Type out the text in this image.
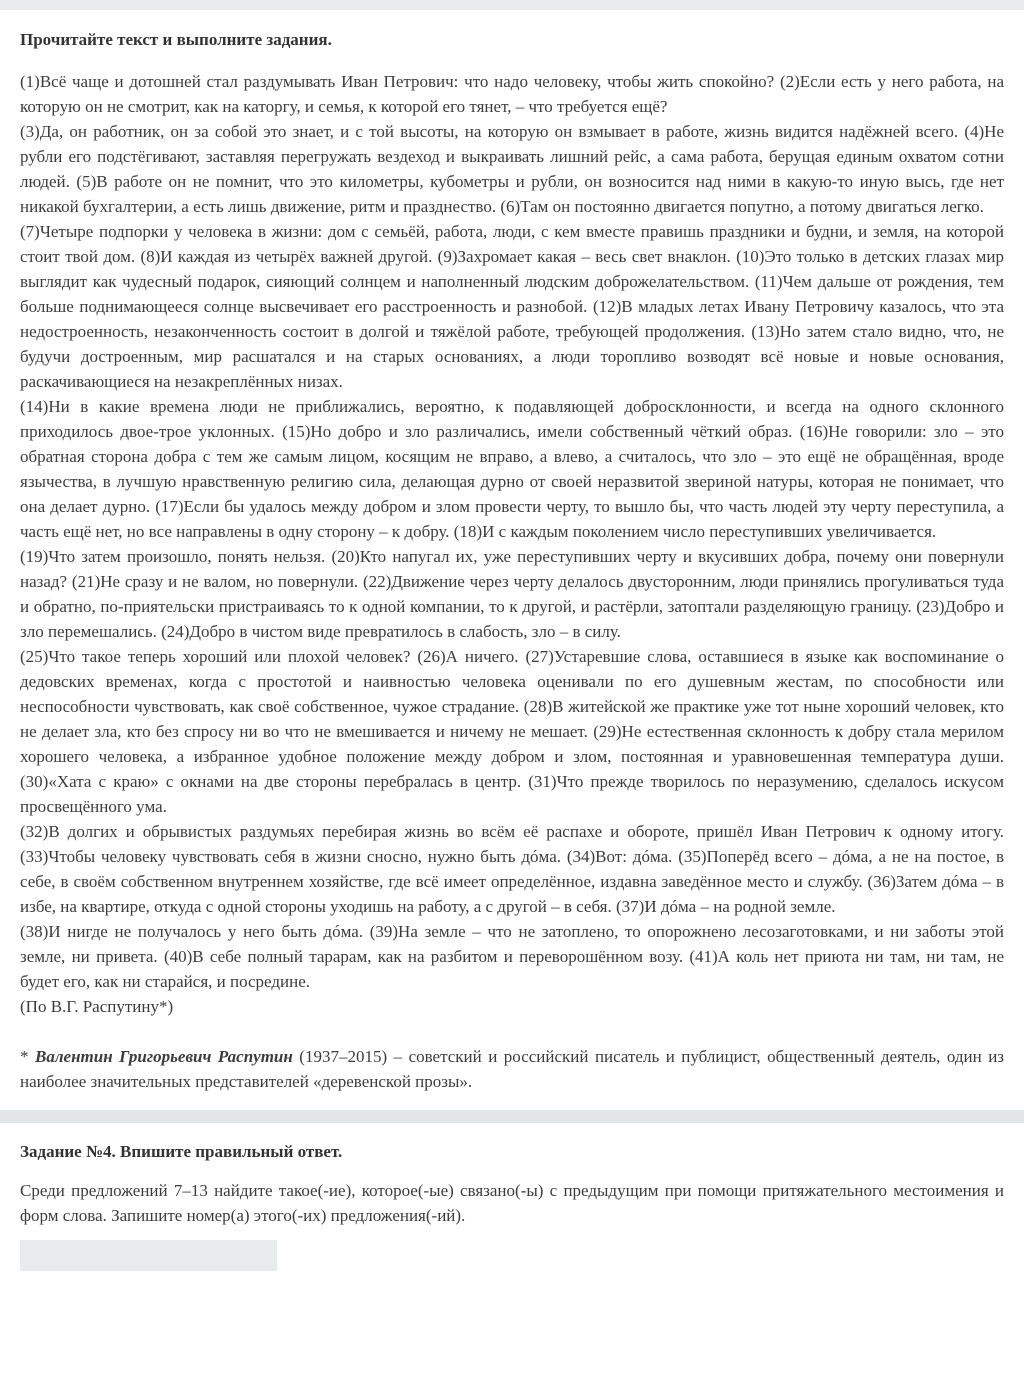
Прочитайте текст и выполните задания.

(1)Всё чаще и дотошней стал раздумывать Иван Петрович: что надо человеку, чтобы жить спокойно? (2)Если есть у него работа, на которую он не смотрит, как на каторгу, и семья, к которой его тянет, – что требуется ещё?

(3)Да, он работник, он за собой это знает, и с той высоты, на которую он взмывает в работе, жизнь видится надёжней всего. (4)Не рубли его подстёгивают, заставляя перегружать вездеход и выкраивать лишний рейс, а сама работа, берущая единым охватом сотни людей. (5)В работе он не помнит, что это километры, кубометры и рубли, он возносится над ними в какую-то иную высь, где нет никакой бухгалтерии, а есть лишь движение, ритм и празднество. (6)Там он постоянно двигается попутно, а потому двигаться легко.

(7)Четыре подпорки у человека в жизни: дом с семьёй, работа, люди, с кем вместе правишь праздники и будни, и земля, на которой стоит твой дом. (8)И каждая из четырёх важней другой. (9)Захромает какая – весь свет внаклон. (10)Это только в детских глазах мир выглядит как чудесный подарок, сияющий солнцем и наполненный людским доброжелательством. (11)Чем дальше от рождения, тем больше поднимающееся солнце высвечивает его расстроенность и разнобой. (12)В младых летах Ивану Петровичу казалось, что эта недостроенность, незаконченность состоит в долгой и тяжёлой работе, требующей продолжения. (13)Но затем стало видно, что, не будучи достроенным, мир расшатался и на старых основаниях, а люди торопливо возводят всё новые и новые основания, раскачивающиеся на незакреплённых низах.

(14)Ни в какие времена люди не приближались, вероятно, к подавляющей добросклонности, и всегда на одного склонного приходилось двое-трое уклонных. (15)Но добро и зло различались, имели собственный чёткий образ. (16)Не говорили: зло – это обратная сторона добра с тем же самым лицом, косящим не вправо, а влево, а считалось, что зло – это ещё не обращённая, вроде язычества, в лучшую нравственную религию сила, делающая дурно от своей неразвитой звериной натуры, которая не понимает, что она делает дурно. (17)Если бы удалось между добром и злом провести черту, то вышло бы, что часть людей эту черту переступила, а часть ещё нет, но все направлены в одну сторону – к добру. (18)И с каждым поколением число переступивших увеличивается.

(19)Что затем произошло, понять нельзя. (20)Кто напугал их, уже переступивших черту и вкусивших добра, почему они повернули назад? (21)Не сразу и не валом, но повернули. (22)Движение через черту делалось двусторонним, люди принялись прогуливаться туда и обратно, по-приятельски пристраиваясь то к одной компании, то к другой, и растёрли, затоптали разделяющую границу. (23)Добро и зло перемешались. (24)Добро в чистом виде превратилось в слабость, зло – в силу.

(25)Что такое теперь хороший или плохой человек? (26)А ничего. (27)Устаревшие слова, оставшиеся в языке как воспоминание о дедовских временах, когда с простотой и наивностью человека оценивали по его душевным жестам, по способности или неспособности чувствовать, как своё собственное, чужое страдание. (28)В житейской же практике уже тот ныне хороший человек, кто не делает зла, кто без спросу ни во что не вмешивается и ничему не мешает. (29)Не естественная склонность к добру стала мерилом хорошего человека, а избранное удобное положение между добром и злом, постоянная и уравновешенная температура души. (30)«Хата с краю» с окнами на две стороны перебралась в центр. (31)Что прежде творилось по неразумению, сделалось искусом просвещённого ума.

(32)В долгих и обрывистых раздумьях перебирая жизнь во всём её распахе и обороте, пришёл Иван Петрович к одному итогу. (33)Чтобы человеку чувствовать себя в жизни сносно, нужно быть дóма. (34)Вот: дóма. (35)Поперёд всего – дóма, а не на постое, в себе, в своём собственном внутреннем хозяйстве, где всё имеет определённое, издавна заведённое место и службу. (36)Затем дóма – в избе, на квартире, откуда с одной стороны уходишь на работу, а с другой – в себя. (37)И дóма – на родной земле.

(38)И нигде не получалось у него быть дóма. (39)На земле – что не затоплено, то опорожнено лесозаготовками, и ни заботы этой земле, ни привета. (40)В себе полный тарарам, как на разбитом и переворошённом возу. (41)А коль нет приюта ни там, ни там, не будет его, как ни старайся, и посредине.

(По В.Г. Распутину*)

* Валентин Григорьевич Распутин (1937–2015) – советский и российский писатель и публицист, общественный деятель, один из наиболее значительных представителей «деревенской прозы».

Задание №4. Впишите правильный ответ.

Среди предложений 7–13 найдите такое(-ие), которое(-ые) связано(-ы) с предыдущим при помощи притяжательного местоимения и форм слова. Запишите номер(а) этого(-их) предложения(-ий).
